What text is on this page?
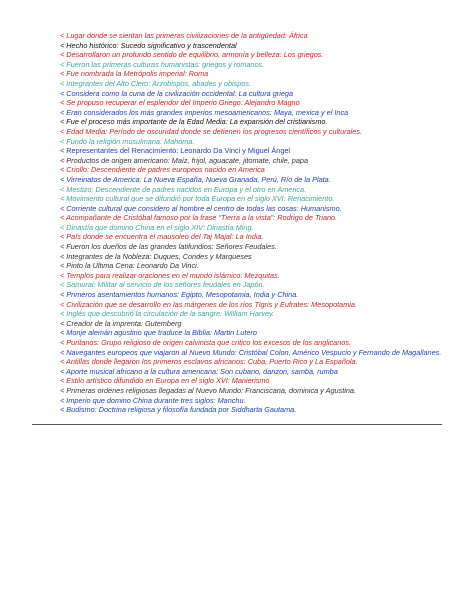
< Lugar donde se sientan las primeras civilizaciones de la antigüedad: África
< Hecho histórico: Sucedo significativo y trascendental
< Desarrollaron un profundo sentido de equilibrio, armonía y belleza: Los griegos.
< Fueron las primeras culturas humanistas: griegos y romanos.
< Fue nombrada la Metrópolis imperial: Roma
< Integrantes del Alto Clero: Arzobispos, abades y obispos.
< Considera como la cuna de la civilización occidental: La cultura griega
< Se propuso recuperar el esplendor del Imperio Griego: Alejandro Magno
< Eran considerados los más grandes imperios mesoamericanos: Maya, mexica y el Inca
< Fue el proceso más importante de la Edad Media: La expansión del cristianismo.
< Edad Media: Período de oscuridad donde se detienen los progresos científicos y culturales.
< Fundo la religión musulmana: Mahoma.
< Representantes del Renacimiento: Leonardo Da Vinci y Miguel Ángel
< Productos de origen americano: Maíz, frijol, aguacate, jitomate, chile, papa
< Criollo: Descendiente de padres europeos nacido en America
< Virreinatos de America: La Nueva España, Nueva Granada, Perú, Río de la Plata.
< Mestizo: Descendiente de padres nacidos en Europa y el otro en America.
< Movimiento cultural que se difundió por toda Europa en el siglo XVI: Renacimiento.
< Corriente cultural que considero al hombre el centro de todas las cosas: Humanismo.
< Acompañante de Cristóbal famoso por la frase “Tierra a la vista”: Rodrigo de Triano.
< Dinastía que domino China en el siglo XIV: Dinastía Ming.
< País donde se encuentra el mausoleo del Taj Majal: La India.
< Fueron los dueños de las grandes latifundios: Señores Feudales.
< Integrantes de la Nobleza: Duques, Condes y Marqueses
< Pinto la Ultima Cena: Leonardo Da Vinci.
< Templos para realizar oraciones en el mundo islámico: Mezquitas.
< Samurai: Militar al servicio de los señores feudales en Japón.
< Primeros asentamientos humanos: Egipto, Mesopotamia, India y China.
< Civilización que se desarrollo en las márgenes de los ríos Tigris y Eufrates: Mesopotamia.
< Inglés que descubrió la circulación de la sangre: William Harvey.
< Creador de la imprenta: Gutemberg
< Monje alemán agustino que traduce la Biblia: Martin Lutero
< Puritanos: Grupo religioso de origen calvinista que critico los excesos de los anglicanos.
< Navegantes europeos que viajaron al Nuevo Mundo: Cristóbal Colon, Américo Vespucio y Fernando de Magallanes.
< Antillas donde llegaron los primeros esclavos africanos: Cuba, Puerto Rico y La Española.
< Aporte musical africano a la cultura americana: Son cubano, danzon, samba, rumba
< Estilo artístico difundido en Europa en el siglo XVI: Manierismo
< Primeras ordenes religiosas llegadas al Nuevo Mundo: Franciscana, dominica y Agustina.
< Imperio que domino China durante tres siglos: Manchu.
< Budismo: Doctrina religiosa y filosofía fundada por Siddharta Gautama.
